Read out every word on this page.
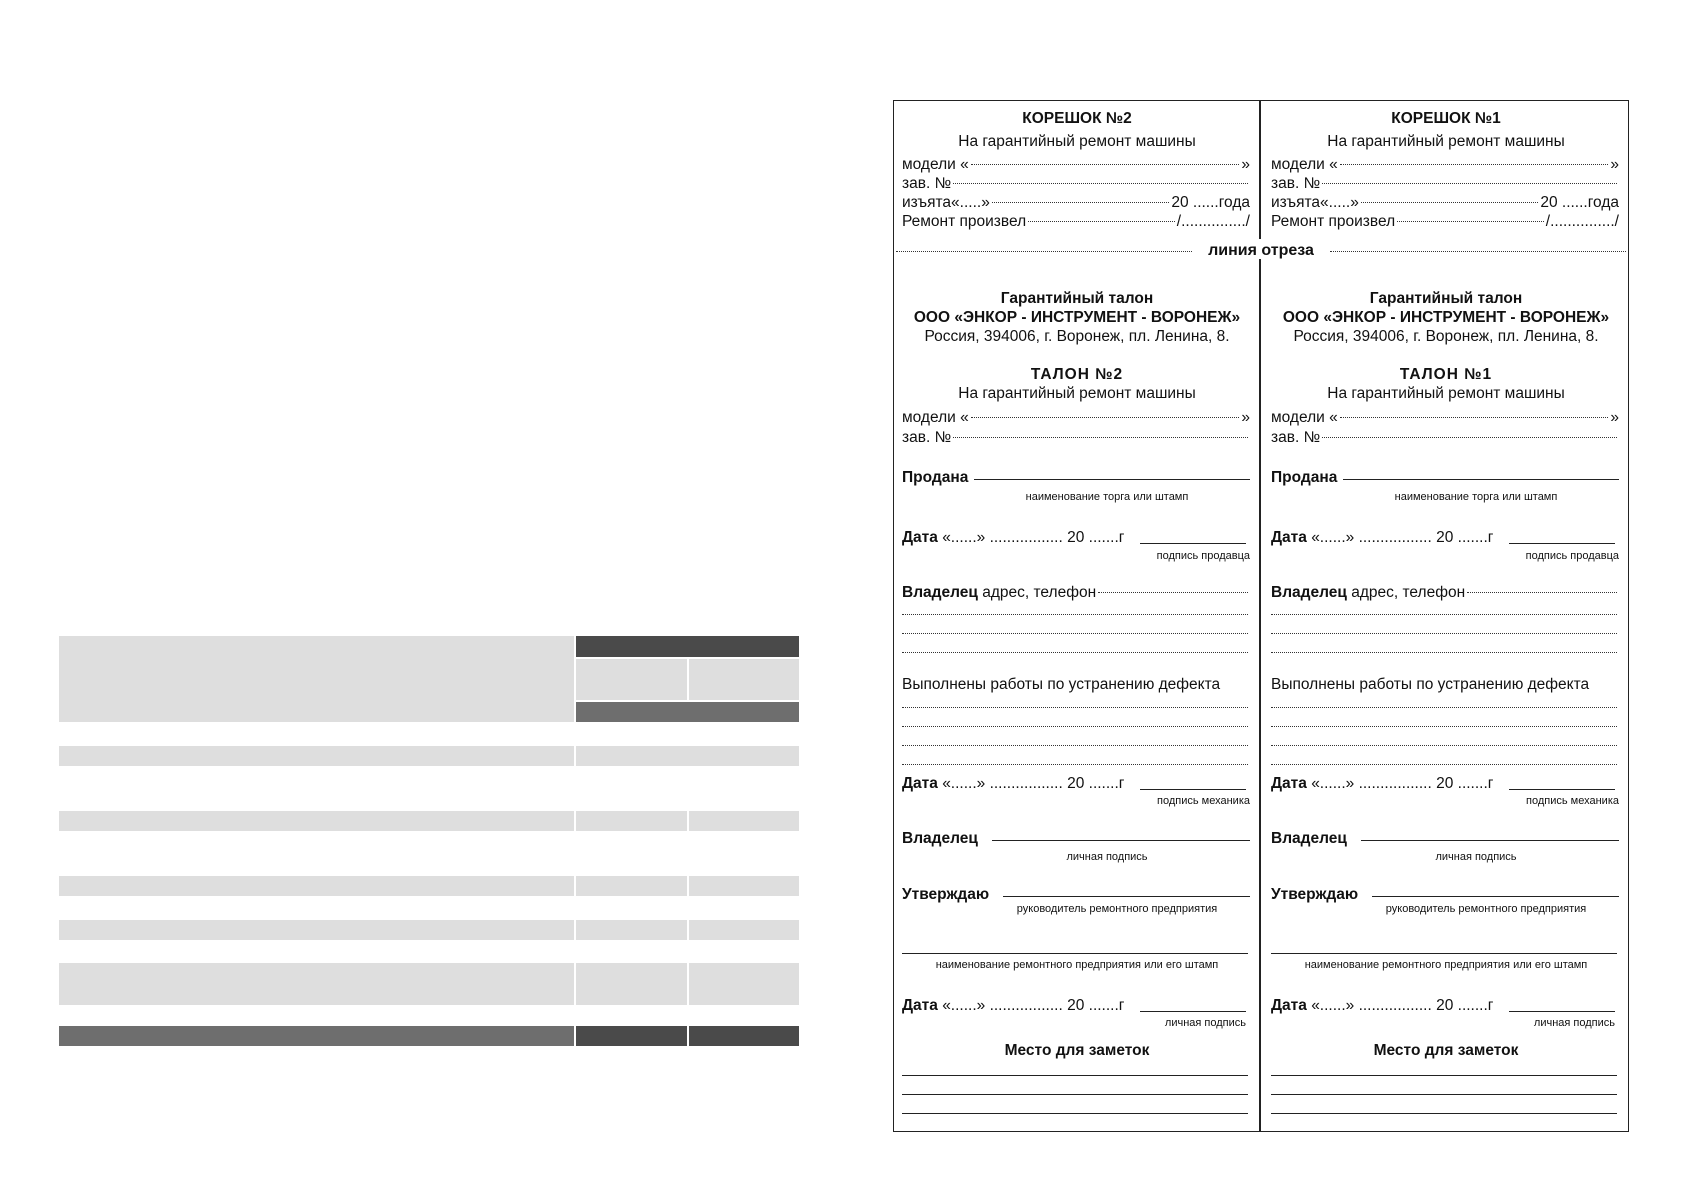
линия отреза
КОРЕШОК №2
На гарантийный ремонт машины
модели «	»
зав. №
изъята«.....»	20 ......года
Ремонт произвел	/.............../
Гарантийный талон
ООО «ЭНКОР - ИНСТРУМЕНТ - ВОРОНЕЖ»
Россия, 394006, г. Воронеж, пл. Ленина, 8.
ТАЛОН №2
На гарантийный ремонт машины
модели «	»
зав. №
Продана
наименование торга или штамп
Дата «......» ................. 20 .......г
подпись продавца
Владелец
адрес, телефон
Выполнены работы по устранению дефекта
Дата «......» ................. 20 .......г
подпись механика
Владелец
личная подпись
Утверждаю
руководитель ремонтного предприятия
наименование ремонтного предприятия или его штамп
Дата «......» ................. 20 .......г
личная подпись
Место для заметок
КОРЕШОК №1
На гарантийный ремонт машины
модели «	»
зав. №
изъята«.....»	20 ......года
Ремонт произвел	/.............../
Гарантийный талон
ООО «ЭНКОР - ИНСТРУМЕНТ - ВОРОНЕЖ»
Россия, 394006, г. Воронеж, пл. Ленина, 8.
ТАЛОН №1
На гарантийный ремонт машины
модели «	»
зав. №
Продана
наименование торга или штамп
Дата «......» ................. 20 .......г
подпись продавца
Владелец
адрес, телефон
Выполнены работы по устранению дефекта
Дата «......» ................. 20 .......г
подпись механика
Владелец
личная подпись
Утверждаю
руководитель ремонтного предприятия
наименование ремонтного предприятия или его штамп
Дата «......» ................. 20 .......г
личная подпись
Место для заметок
